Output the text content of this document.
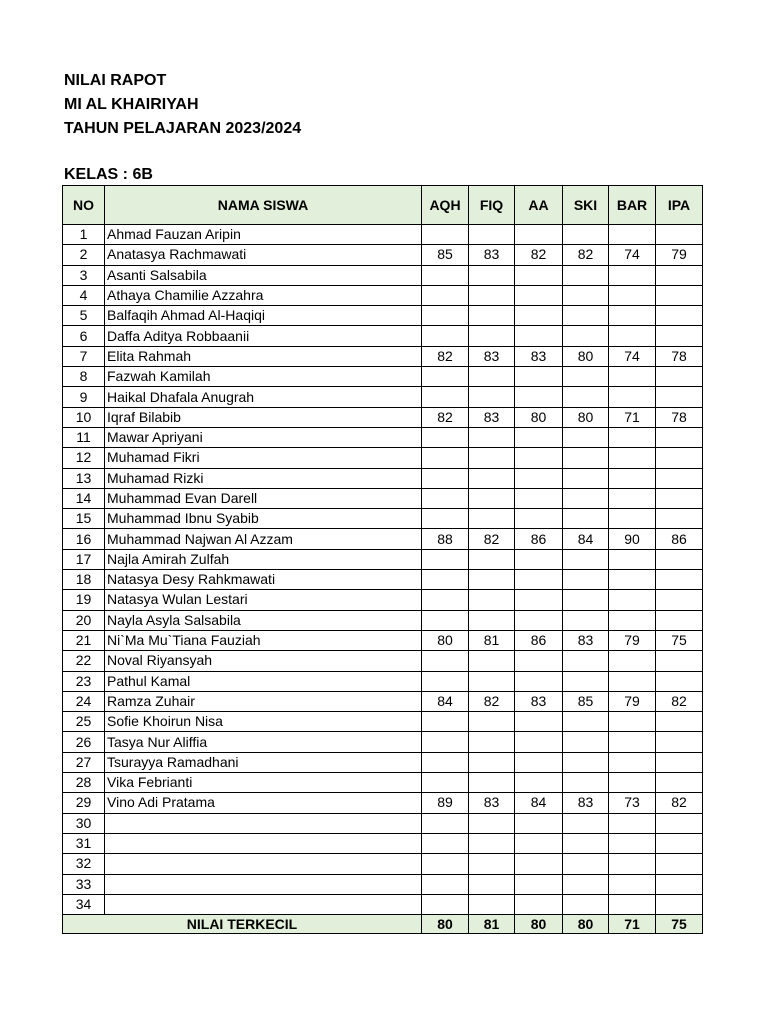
NILAI RAPOT
MI AL KHAIRIYAH
TAHUN PELAJARAN 2023/2024
KELAS : 6B
NO	NAMA SISWA	AQH	FIQ	AA	SKI	BAR	IPA
1	Ahmad Fauzan Aripin						
2	Anatasya Rachmawati	85	83	82	82	74	79
3	Asanti Salsabila						
4	Athaya Chamilie Azzahra						
5	Balfaqih Ahmad Al-Haqiqi						
6	Daffa Aditya Robbaanii						
7	Elita Rahmah	82	83	83	80	74	78
8	Fazwah Kamilah						
9	Haikal Dhafala Anugrah						
10	Iqraf Bilabib	82	83	80	80	71	78
11	Mawar Apriyani						
12	Muhamad Fikri						
13	Muhamad Rizki						
14	Muhammad Evan Darell						
15	Muhammad Ibnu Syabib						
16	Muhammad Najwan Al Azzam	88	82	86	84	90	86
17	Najla Amirah Zulfah						
18	Natasya Desy Rahkmawati						
19	Natasya Wulan Lestari						
20	Nayla Asyla Salsabila						
21	Ni`Ma Mu`Tiana Fauziah	80	81	86	83	79	75
22	Noval Riyansyah						
23	Pathul Kamal						
24	Ramza Zuhair	84	82	83	85	79	82
25	Sofie Khoirun Nisa						
26	Tasya Nur Aliffia						
27	Tsurayya Ramadhani						
28	Vika Febrianti						
29	Vino Adi Pratama	89	83	84	83	73	82
30							
31							
32							
33							
34							
NILAI TERKECIL		80	81	80	80	71	75
